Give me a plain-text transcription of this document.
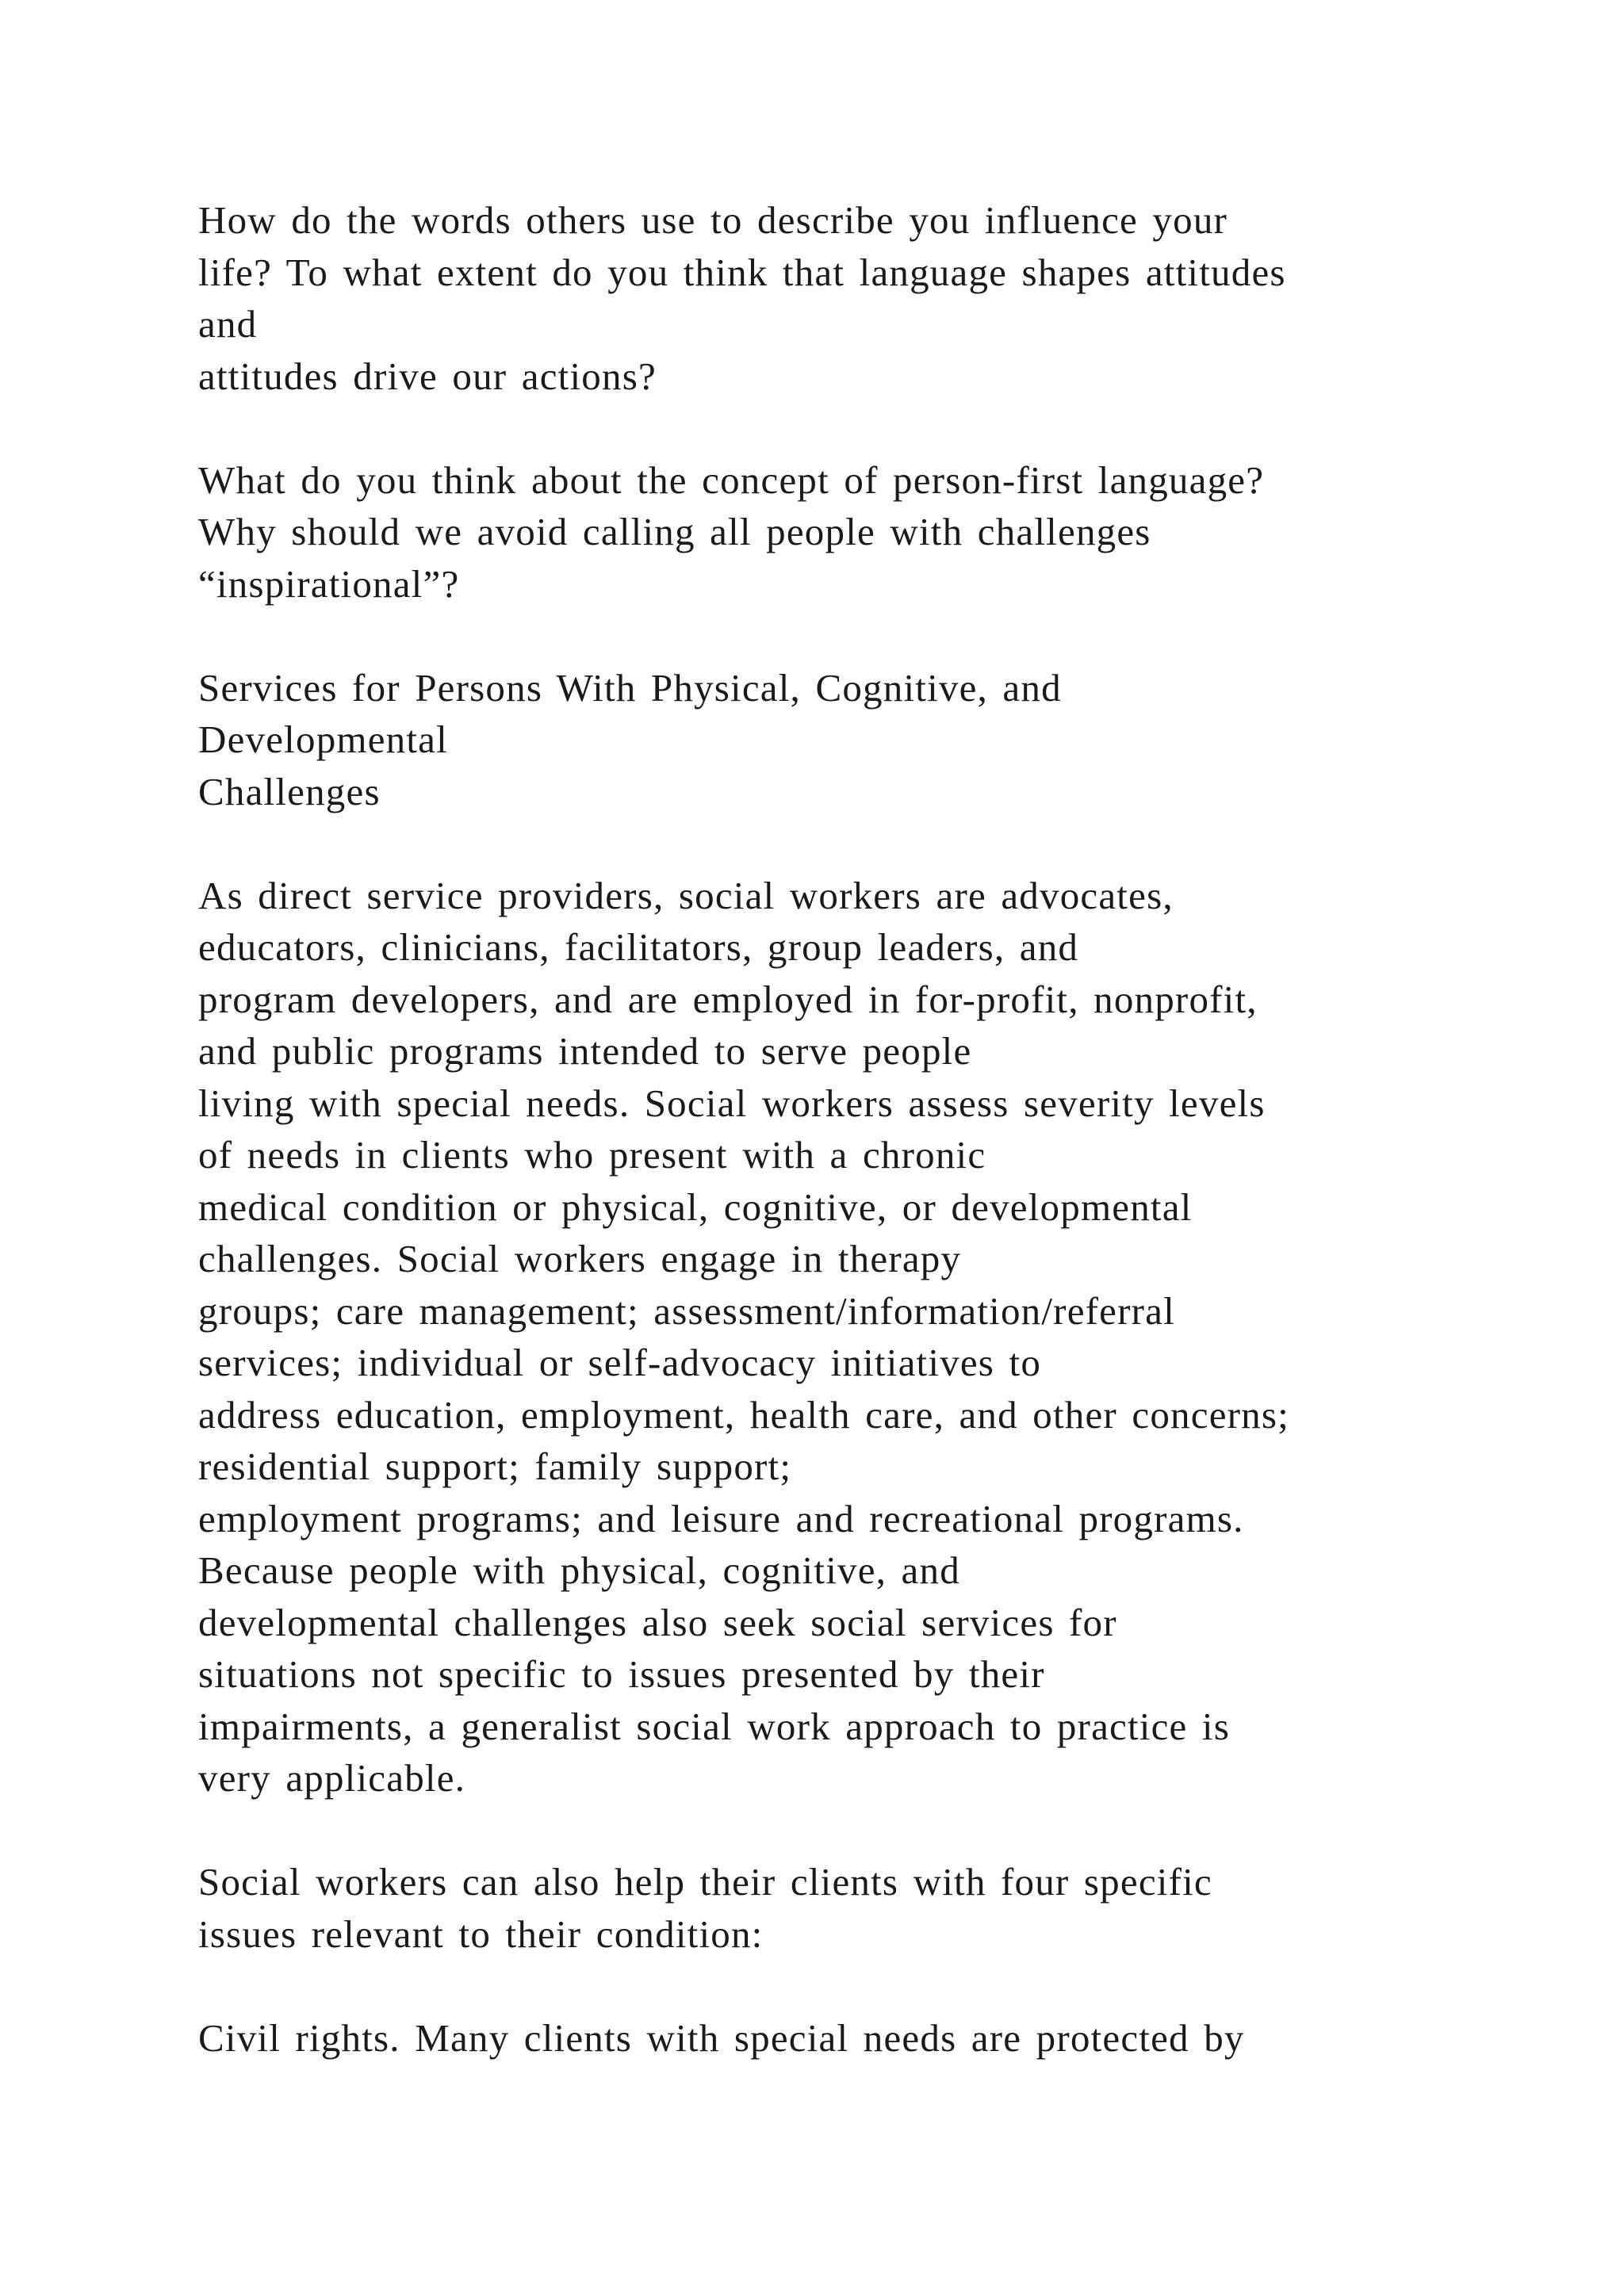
How do the words others use to describe you influence your
life? To what extent do you think that language shapes attitudes
and
attitudes drive our actions?
What do you think about the concept of person-first language?
Why should we avoid calling all people with challenges
“inspirational”?
Services for Persons With Physical, Cognitive, and
Developmental
Challenges
As direct service providers, social workers are advocates,
educators, clinicians, facilitators, group leaders, and
program developers, and are employed in for-profit, nonprofit,
and public programs intended to serve people
living with special needs. Social workers assess severity levels
of needs in clients who present with a chronic
medical condition or physical, cognitive, or developmental
challenges. Social workers engage in therapy
groups; care management; assessment/information/referral
services; individual or self-advocacy initiatives to
address education, employment, health care, and other concerns;
residential support; family support;
employment programs; and leisure and recreational programs.
Because people with physical, cognitive, and
developmental challenges also seek social services for
situations not specific to issues presented by their
impairments, a generalist social work approach to practice is
very applicable.
Social workers can also help their clients with four specific
issues relevant to their condition:
Civil rights. Many clients with special needs are protected by
